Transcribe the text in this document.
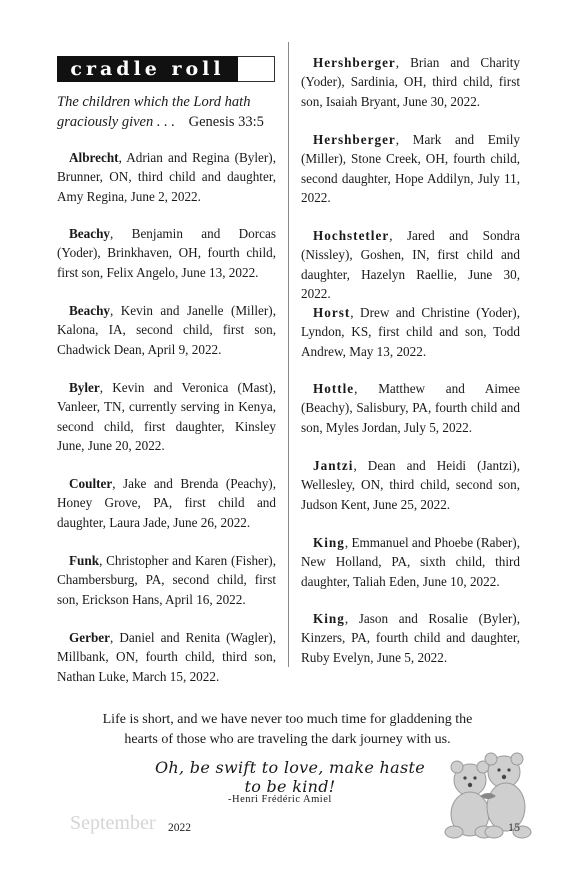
cradle roll
The children which the Lord hath graciously given . . . Genesis 33:5
Albrecht, Adrian and Regina (Byler), Brunner, ON, third child and daughter, Amy Regina, June 2, 2022.
Beachy, Benjamin and Dorcas (Yoder), Brinkhaven, OH, fourth child, first son, Felix Angelo, June 13, 2022.
Beachy, Kevin and Janelle (Miller), Kalona, IA, second child, first son, Chadwick Dean, April 9, 2022.
Byler, Kevin and Veronica (Mast), Vanleer, TN, currently serving in Kenya, second child, first daughter, Kinsley June, June 20, 2022.
Coulter, Jake and Brenda (Peachy), Honey Grove, PA, first child and daughter, Laura Jade, June 26, 2022.
Funk, Christopher and Karen (Fisher), Chambersburg, PA, second child, first son, Erickson Hans, April 16, 2022.
Gerber, Daniel and Renita (Wagler), Millbank, ON, fourth child, third son, Nathan Luke, March 15, 2022.
Hershberger, Brian and Charity (Yoder), Sardinia, OH, third child, first son, Isaiah Bryant, June 30, 2022.
Hershberger, Mark and Emily (Miller), Stone Creek, OH, fourth child, second daughter, Hope Addilyn, July 11, 2022.
Hochstetler, Jared and Sondra (Nissley), Goshen, IN, first child and daughter, Hazelyn Raellie, June 30, 2022.
Horst, Drew and Christine (Yoder), Lyndon, KS, first child and son, Todd Andrew, May 13, 2022.
Hottle, Matthew and Aimee (Beachy), Salisbury, PA, fourth child and son, Myles Jordan, July 5, 2022.
Jantzi, Dean and Heidi (Jantzi), Wellesley, ON, third child, second son, Judson Kent, June 25, 2022.
King, Emmanuel and Phoebe (Raber), New Holland, PA, sixth child, third daughter, Taliah Eden, June 10, 2022.
King, Jason and Rosalie (Byler), Kinzers, PA, fourth child and daughter, Ruby Evelyn, June 5, 2022.
Life is short, and we have never too much time for gladdening the
hearts of those who are traveling the dark journey with us.
Oh, be swift to love, make haste to be kind!
-Henri Frédéric Amiel
September 2022	15
